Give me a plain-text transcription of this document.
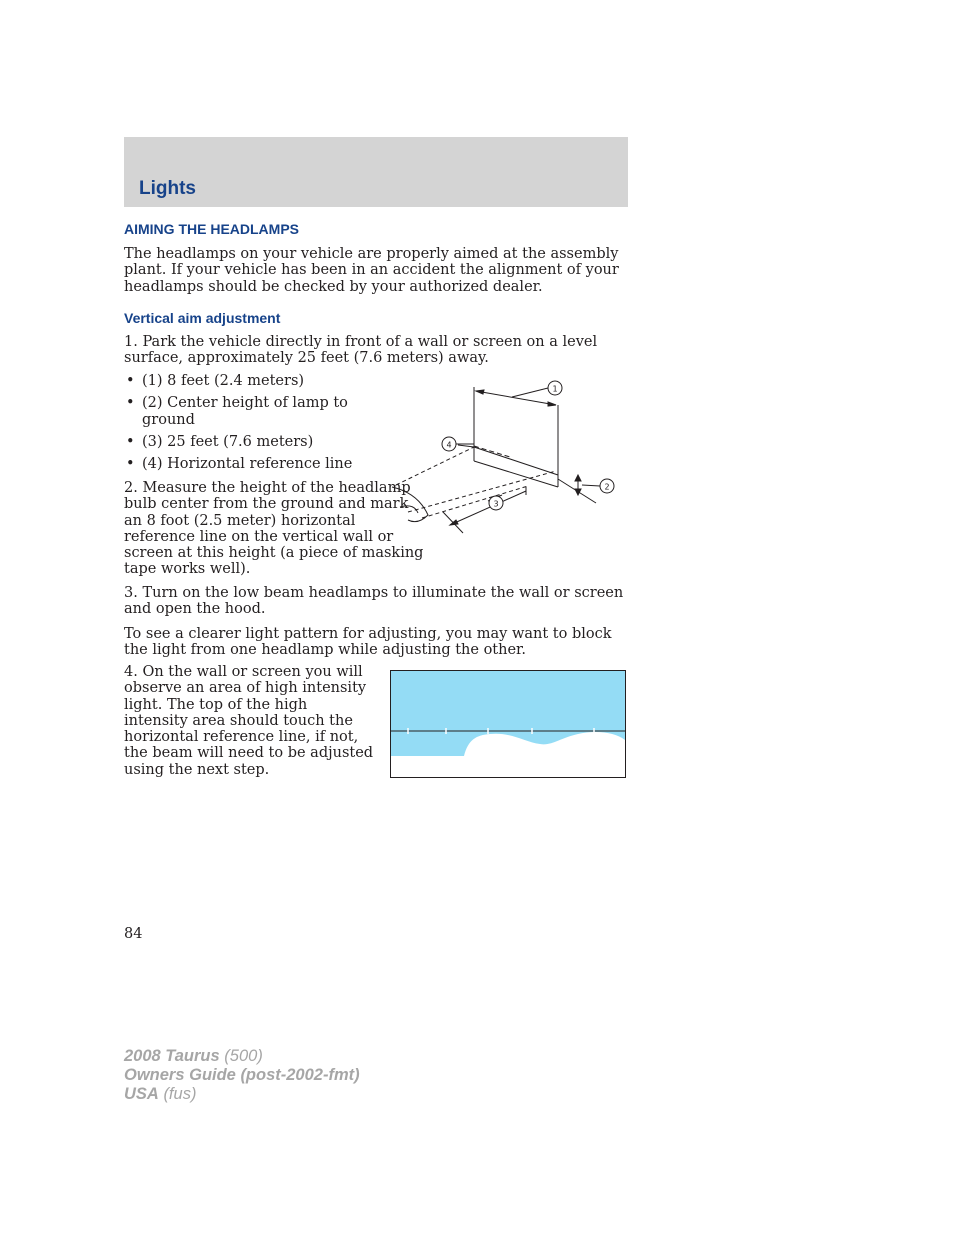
Lights
AIMING THE HEADLAMPS

The headlamps on your vehicle are properly aimed at the assembly plant. If your vehicle has been in an accident the alignment of your headlamps should be checked by your authorized dealer.

Vertical aim adjustment

1. Park the vehicle directly in front of a wall or screen on a level surface, approximately 25 feet (7.6 meters) away.

• (1) 8 feet (2.4 meters)
• (2) Center height of lamp to ground
• (3) 25 feet (7.6 meters)
• (4) Horizontal reference line

2. Measure the height of the headlamp bulb center from the ground and mark an 8 foot (2.5 meter) horizontal reference line on the vertical wall or screen at this height (a piece of masking tape works well).

3. Turn on the low beam headlamps to illuminate the wall or screen and open the hood.

To see a clearer light pattern for adjusting, you may want to block the light from one headlamp while adjusting the other.

4. On the wall or screen you will observe an area of high intensity light. The top of the high intensity area should touch the horizontal reference line, if not, the beam will need to be adjusted using the next step.

1
4
2
3
84
2008 Taurus (500)
Owners Guide (post-2002-fmt)
USA (fus)
